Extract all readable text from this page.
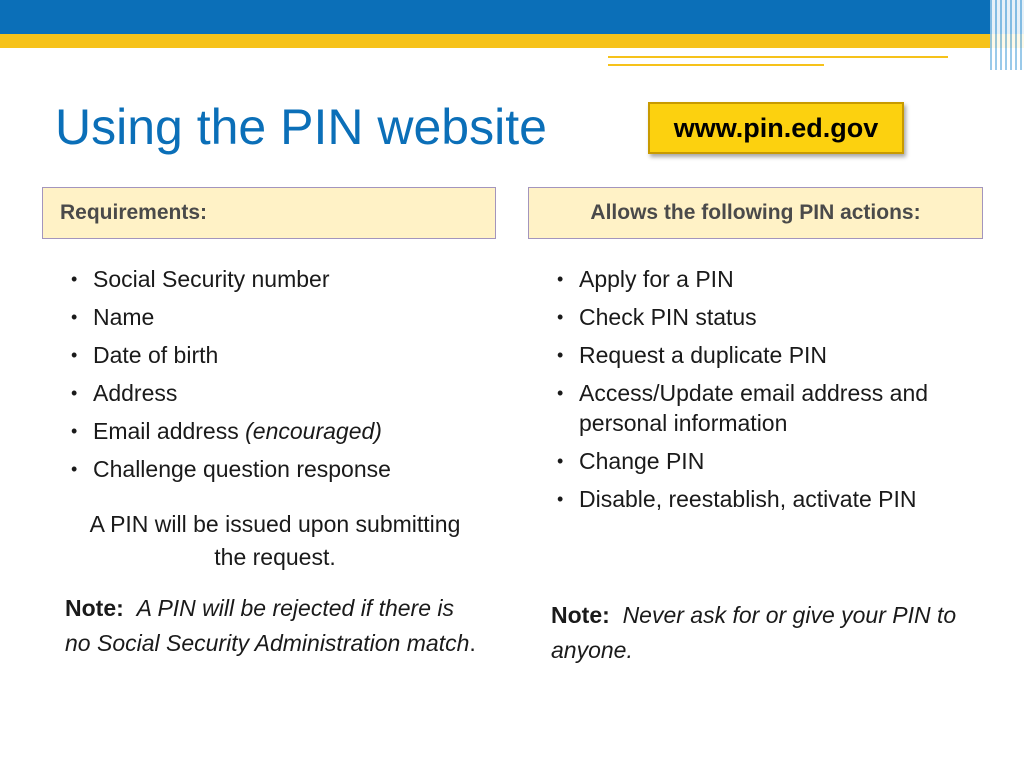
Using the PIN website	www.pin.ed.gov
Requirements:	Allows the following PIN actions:
• Social Security number
• Name
• Date of birth
• Address
• Email address (encouraged)
• Challenge question response
A PIN will be issued upon submitting the request.
Note: A PIN will be rejected if there is no Social Security Administration match.
• Apply for a PIN
• Check PIN status
• Request a duplicate PIN
• Access/Update email address and personal information
• Change PIN
• Disable, reestablish, activate PIN
Note: Never ask for or give your PIN to anyone.
